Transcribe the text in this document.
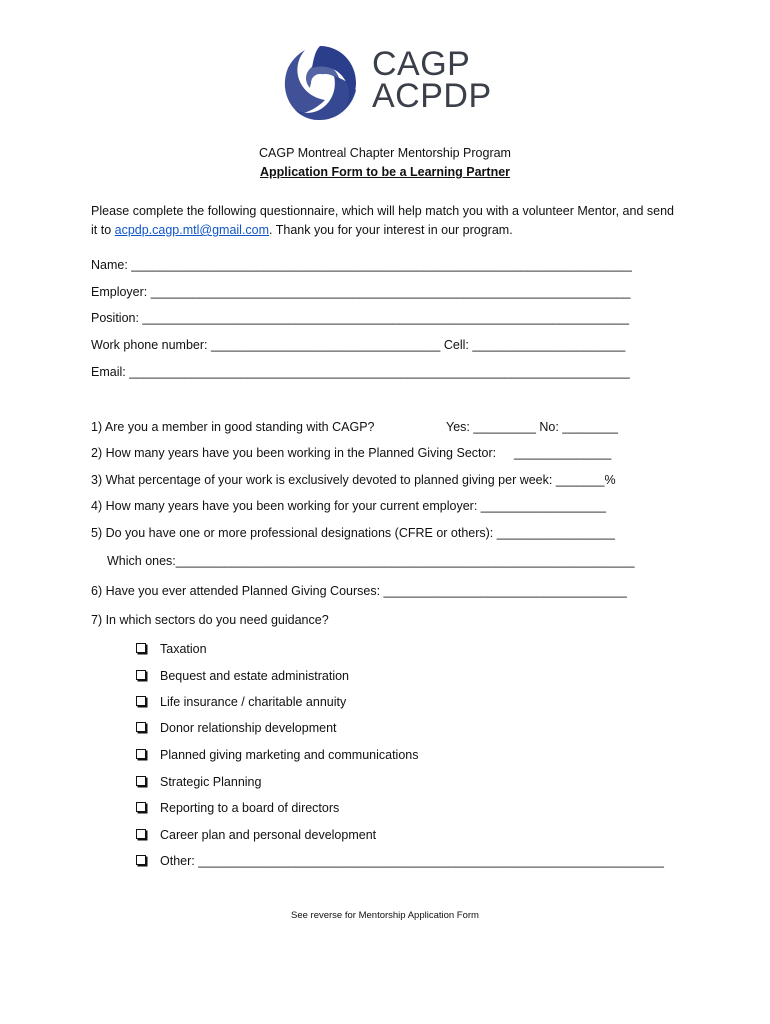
CAGP
ACPDP
CAGP Montreal Chapter Mentorship Program
Application Form to be a Learning Partner
Please complete the following questionnaire, which will help match you with a volunteer Mentor, and send it to acpdp.cagp.mtl@gmail.com. Thank you for your interest in our program.
Name: ________________________________________________________________________
Employer: _____________________________________________________________________
Position: ______________________________________________________________________
Work phone number: _________________________________ Cell: ______________________
Email: ________________________________________________________________________
1) Are you a member in good standing with CAGP?	Yes: _________ No: ________
2) How many years have you been working in the Planned Giving Sector: ______________
3) What percentage of your work is exclusively devoted to planned giving per week: _______%
4) How many years have you been working for your current employer: __________________
5) Do you have one or more professional designations (CFRE or others): _________________
Which ones:__________________________________________________________________
6) Have you ever attended Planned Giving Courses: ___________________________________
7) In which sectors do you need guidance?
Taxation
Bequest and estate administration
Life insurance / charitable annuity
Donor relationship development
Planned giving marketing and communications
Strategic Planning
Reporting to a board of directors
Career plan and personal development
Other: ___________________________________________________________________
See reverse for Mentorship Application Form
